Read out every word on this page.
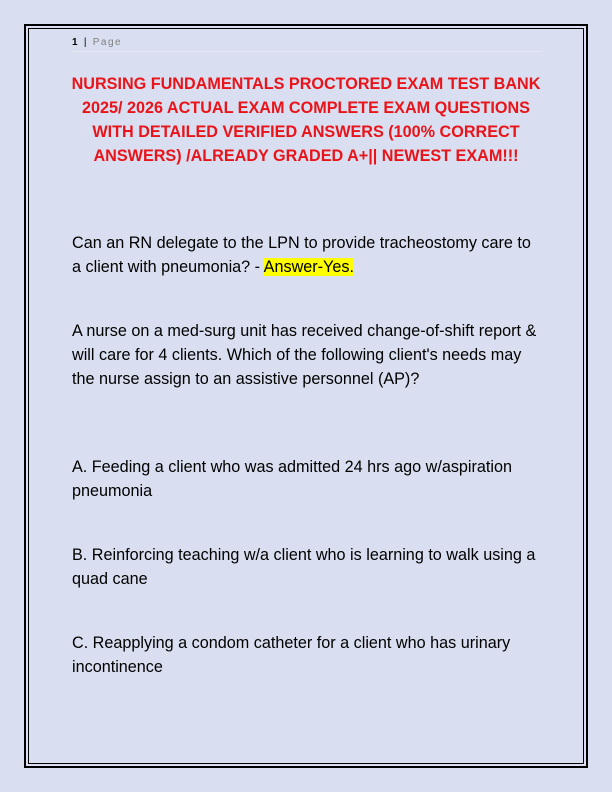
1 | Page
NURSING FUNDAMENTALS PROCTORED EXAM TEST BANK 2025/ 2026 ACTUAL EXAM COMPLETE EXAM QUESTIONS WITH DETAILED VERIFIED ANSWERS (100% CORRECT ANSWERS) /ALREADY GRADED A+|| NEWEST EXAM!!!
Can an RN delegate to the LPN to provide tracheostomy care to a client with pneumonia? - Answer-Yes.
A nurse on a med-surg unit has received change-of-shift report & will care for 4 clients. Which of the following client's needs may the nurse assign to an assistive personnel (AP)?
A. Feeding a client who was admitted 24 hrs ago w/aspiration pneumonia
B. Reinforcing teaching w/a client who is learning to walk using a quad cane
C. Reapplying a condom catheter for a client who has urinary incontinence
